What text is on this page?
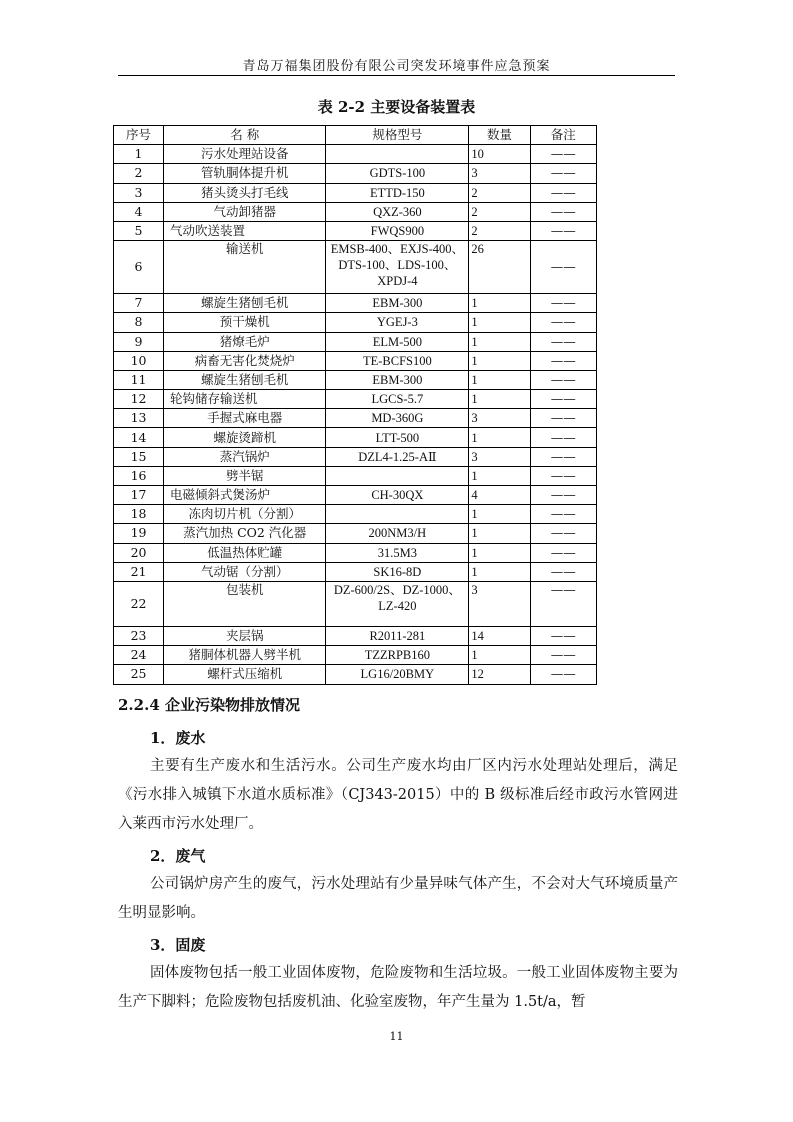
青岛万福集团股份有限公司突发环境事件应急预案
表 2-2 主要设备装置表
序号	名 称	规格型号	数量	备注
1	污水处理站设备		10	——
2	管轨胴体提升机	GDTS-100	3	——
3	猪头烫头打毛线	ETTD-150	2	——
4	气动卸猪器	QXZ-360	2	——
5	气动吹送装置	FWQS900	2	——
6	输送机	EMSB-400、EXJS-400、DTS-100、LDS-100、XPDJ-4	26	——
7	螺旋生猪刨毛机	EBM-300	1	——
8	预干燥机	YGEJ-3	1	——
9	猪燎毛炉	ELM-500	1	——
10	病畜无害化焚烧炉	TE-BCFS100	1	——
11	螺旋生猪刨毛机	EBM-300	1	——
12	轮钩储存输送机	LGCS-5.7	1	——
13	手握式麻电器	MD-360G	3	——
14	螺旋烫蹄机	LTT-500	1	——
15	蒸汽锅炉	DZL4-1.25-AⅡ	3	——
16	劈半锯		1	——
17	电磁倾斜式煲汤炉	CH-30QX	4	——
18	冻肉切片机（分割）		1	——
19	蒸汽加热 CO2 汽化器	200NM3/H	1	——
20	低温热体贮罐	31.5M3	1	——
21	气动锯（分割）	SK16-8D	1	——
22	包装机	DZ-600/2S、DZ-1000、LZ-420	3	——
23	夹层锅	R2011-281	14	——
24	猪胴体机器人劈半机	TZZRPB160	1	——
25	螺杆式压缩机	LG16/20BMY	12	——
2.2.4 企业污染物排放情况
1．废水
主要有生产废水和生活污水。公司生产废水均由厂区内污水处理站处理后，满足《污水排入城镇下水道水质标准》（CJ343-2015）中的 B 级标准后经市政污水管网进入莱西市污水处理厂。
2．废气
公司锅炉房产生的废气，污水处理站有少量异味气体产生，不会对大气环境质量产生明显影响。
3．固废
固体废物包括一般工业固体废物，危险废物和生活垃圾。一般工业固体废物主要为生产下脚料；危险废物包括废机油、化验室废物，年产生量为 1.5t/a，暂
11
